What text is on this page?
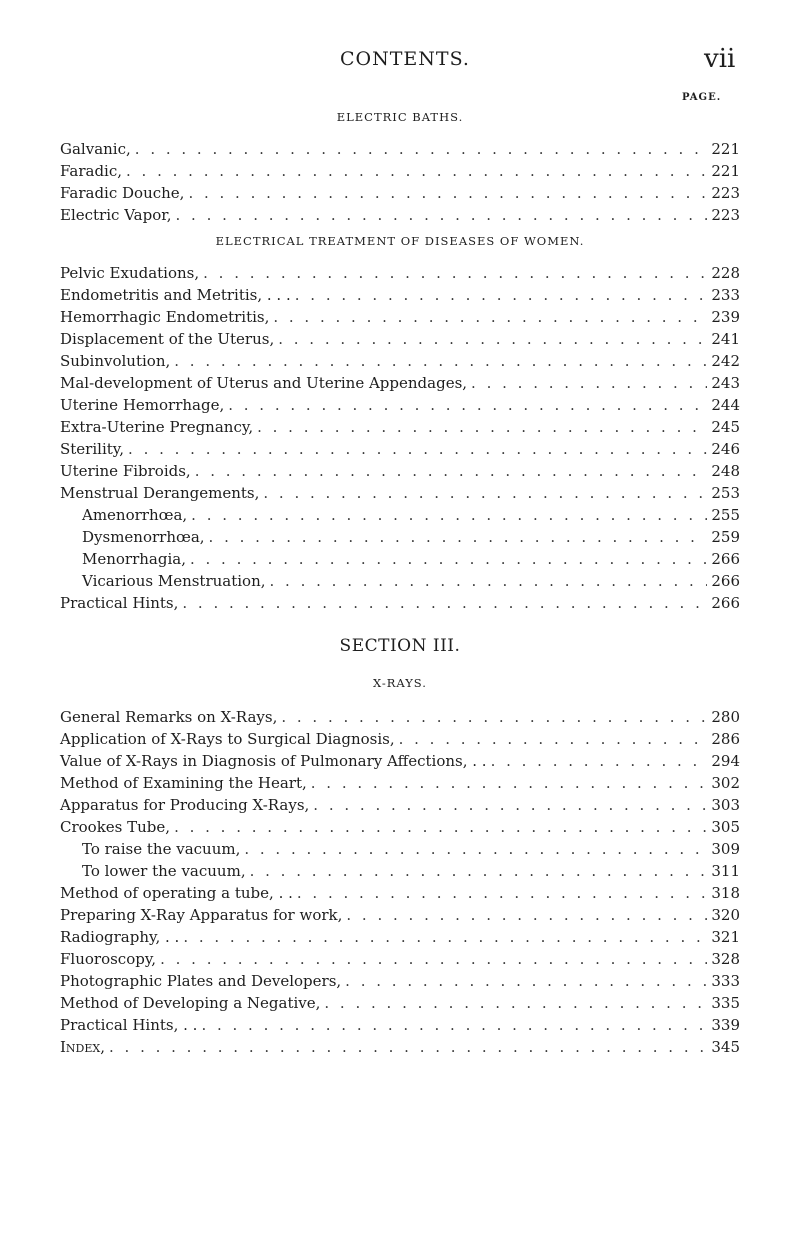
CONTENTS.	vii
PAGE.
ELECTRIC BATHS.
Galvanic, . . .	221
Faradic, . . .	221
Faradic Douche, . . .	223
Electric Vapor, . . .	223
ELECTRICAL TREATMENT OF DISEASES OF WOMEN.
Pelvic Exudations, . . .	228
Endometritis and Metritis, . . . . . .	233
Hemorrhagic Endometritis, . . .	239
Displacement of the Uterus, . . .	241
Subinvolution, . . .	242
Mal-development of Uterus and Uterine Appendages, . . .	243
Uterine Hemorrhage, . . .	244
Extra-Uterine Pregnancy, . . .	245
Sterility, . . .	246
Uterine Fibroids, . . .	248
Menstrual Derangements, . . .	253
Amenorrhœa, . . .	255
Dysmenorrhœa, . . .	259
Menorrhagia, . . .	266
Vicarious Menstruation, . . .	266
Practical Hints, . . .	266
SECTION III.
X-RAYS.
General Remarks on X-Rays, . . .	280
Application of X-Rays to Surgical Diagnosis, . . .	286
Value of X-Rays in Diagnosis of Pulmonary Affections, . . . . .	294
Method of Examining the Heart, . . .	302
Apparatus for Producing X-Rays, . . .	303
Crookes Tube, . . .	305
To raise the vacuum, . . .	309
To lower the vacuum, . . .	311
Method of operating a tube, . . . . .	318
Preparing X-Ray Apparatus for work, . . .	320
Radiography, . . . . .	321
Fluoroscopy, . . .	328
Photographic Plates and Developers, . . .	333
Method of Developing a Negative, . . .	335
Practical Hints, . . . . .	339
Index, . . .	345
